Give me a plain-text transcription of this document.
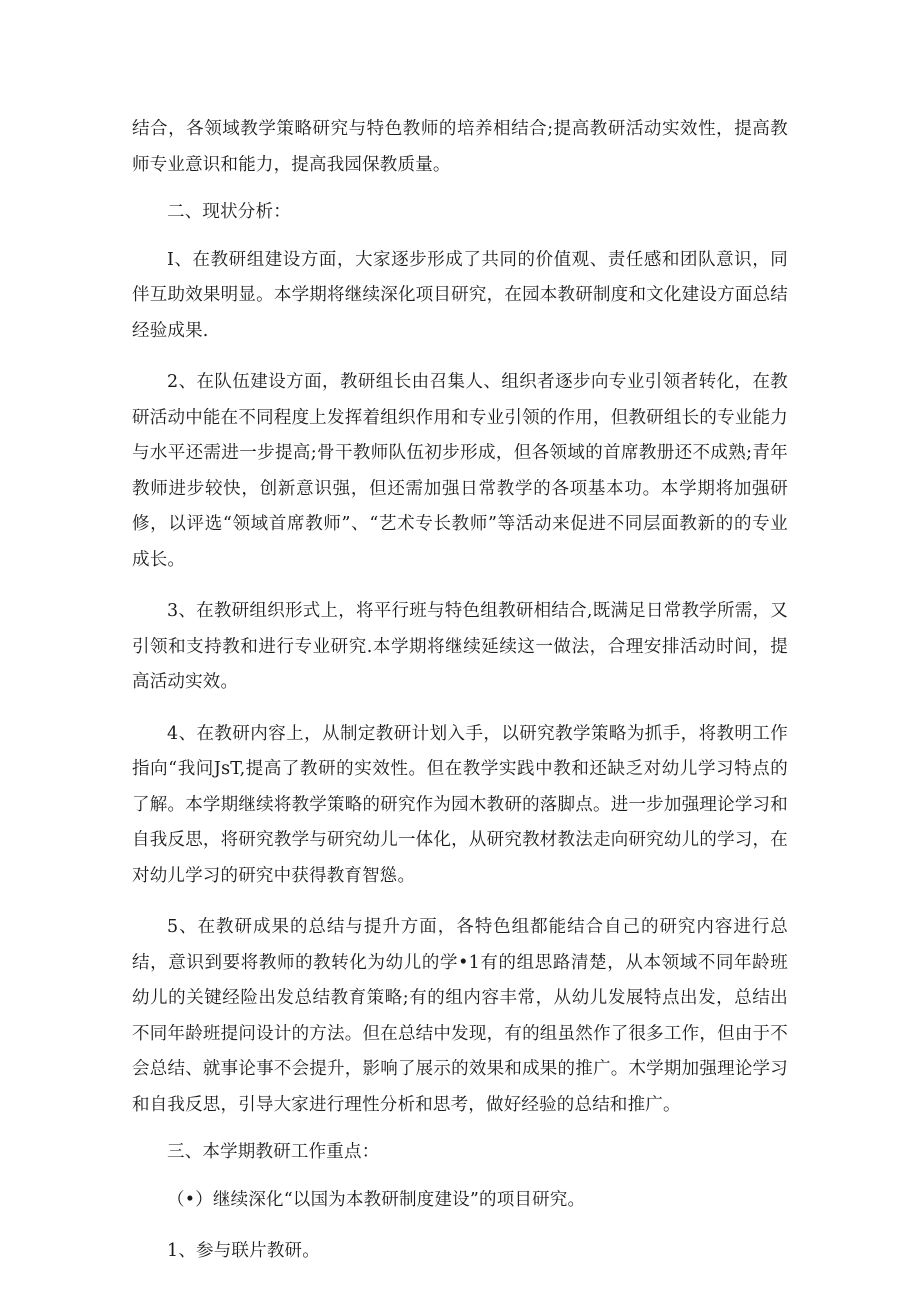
结合，各领域教学策略研究与特色教师的培养相结合;提高教研活动实效性，提高教师专业意识和能力，提高我园保教质量。

二、现状分析：

I、在教研组建设方面，大家逐步形成了共同的价值观、责任感和团队意识，同伴互助效果明显。本学期将继续深化项目研究，在园本教研制度和文化建设方面总结经验成果.

2、在队伍建设方面，教研组长由召集人、组织者逐步向专业引领者转化，在教研活动中能在不同程度上发挥着组织作用和专业引领的作用，但教研组长的专业能力与水平还需进一步提高;骨干教师队伍初步形成，但各领域的首席教册还不成熟;青年教师进步较快，创新意识强，但还需加强日常教学的各项基本功。本学期将加强研修，以评选“领域首席教师”、“艺术专长教师”等活动来促进不同层面教新的的专业成长。

3、在教研组织形式上，将平行班与特色组教研相结合,既满足日常教学所需，又引领和支持教和进行专业研究.本学期将继续延续这一做法，合理安排活动时间，提高活动实效。

4、在教研内容上，从制定教研计划入手，以研究教学策略为抓手，将教明工作指向“我问JsT,提高了教研的实效性。但在教学实践中教和还缺乏对幼儿学习特点的了解。本学期继续将教学策略的研究作为园木教研的落脚点。进一步加强理论学习和自我反思，将研究教学与研究幼儿一体化，从研究教材教法走向研究幼儿的学习，在对幼儿学习的研究中获得教育智慫。

5、在教研成果的总结与提升方面，各特色组都能结合自己的研究内容进行总结，意识到要将教师的教转化为幼儿的学•1有的组思路清楚，从本领域不同年龄班幼儿的关键经险出发总结教育策略;有的组内容丰常，从幼儿发展特点出发，总结出不同年龄班提问设计的方法。但在总结中发现，有的组虽然作了很多工作，但由于不会总结、就事论事不会提升，影响了展示的效果和成果的推广。木学期加强理论学习和自我反思，引导大家进行理性分析和思考，做好经验的总结和推广。

三、本学期教研工作重点：

（•）继续深化“以国为本教研制度建设”的项目研究。

1、参与联片教研。
